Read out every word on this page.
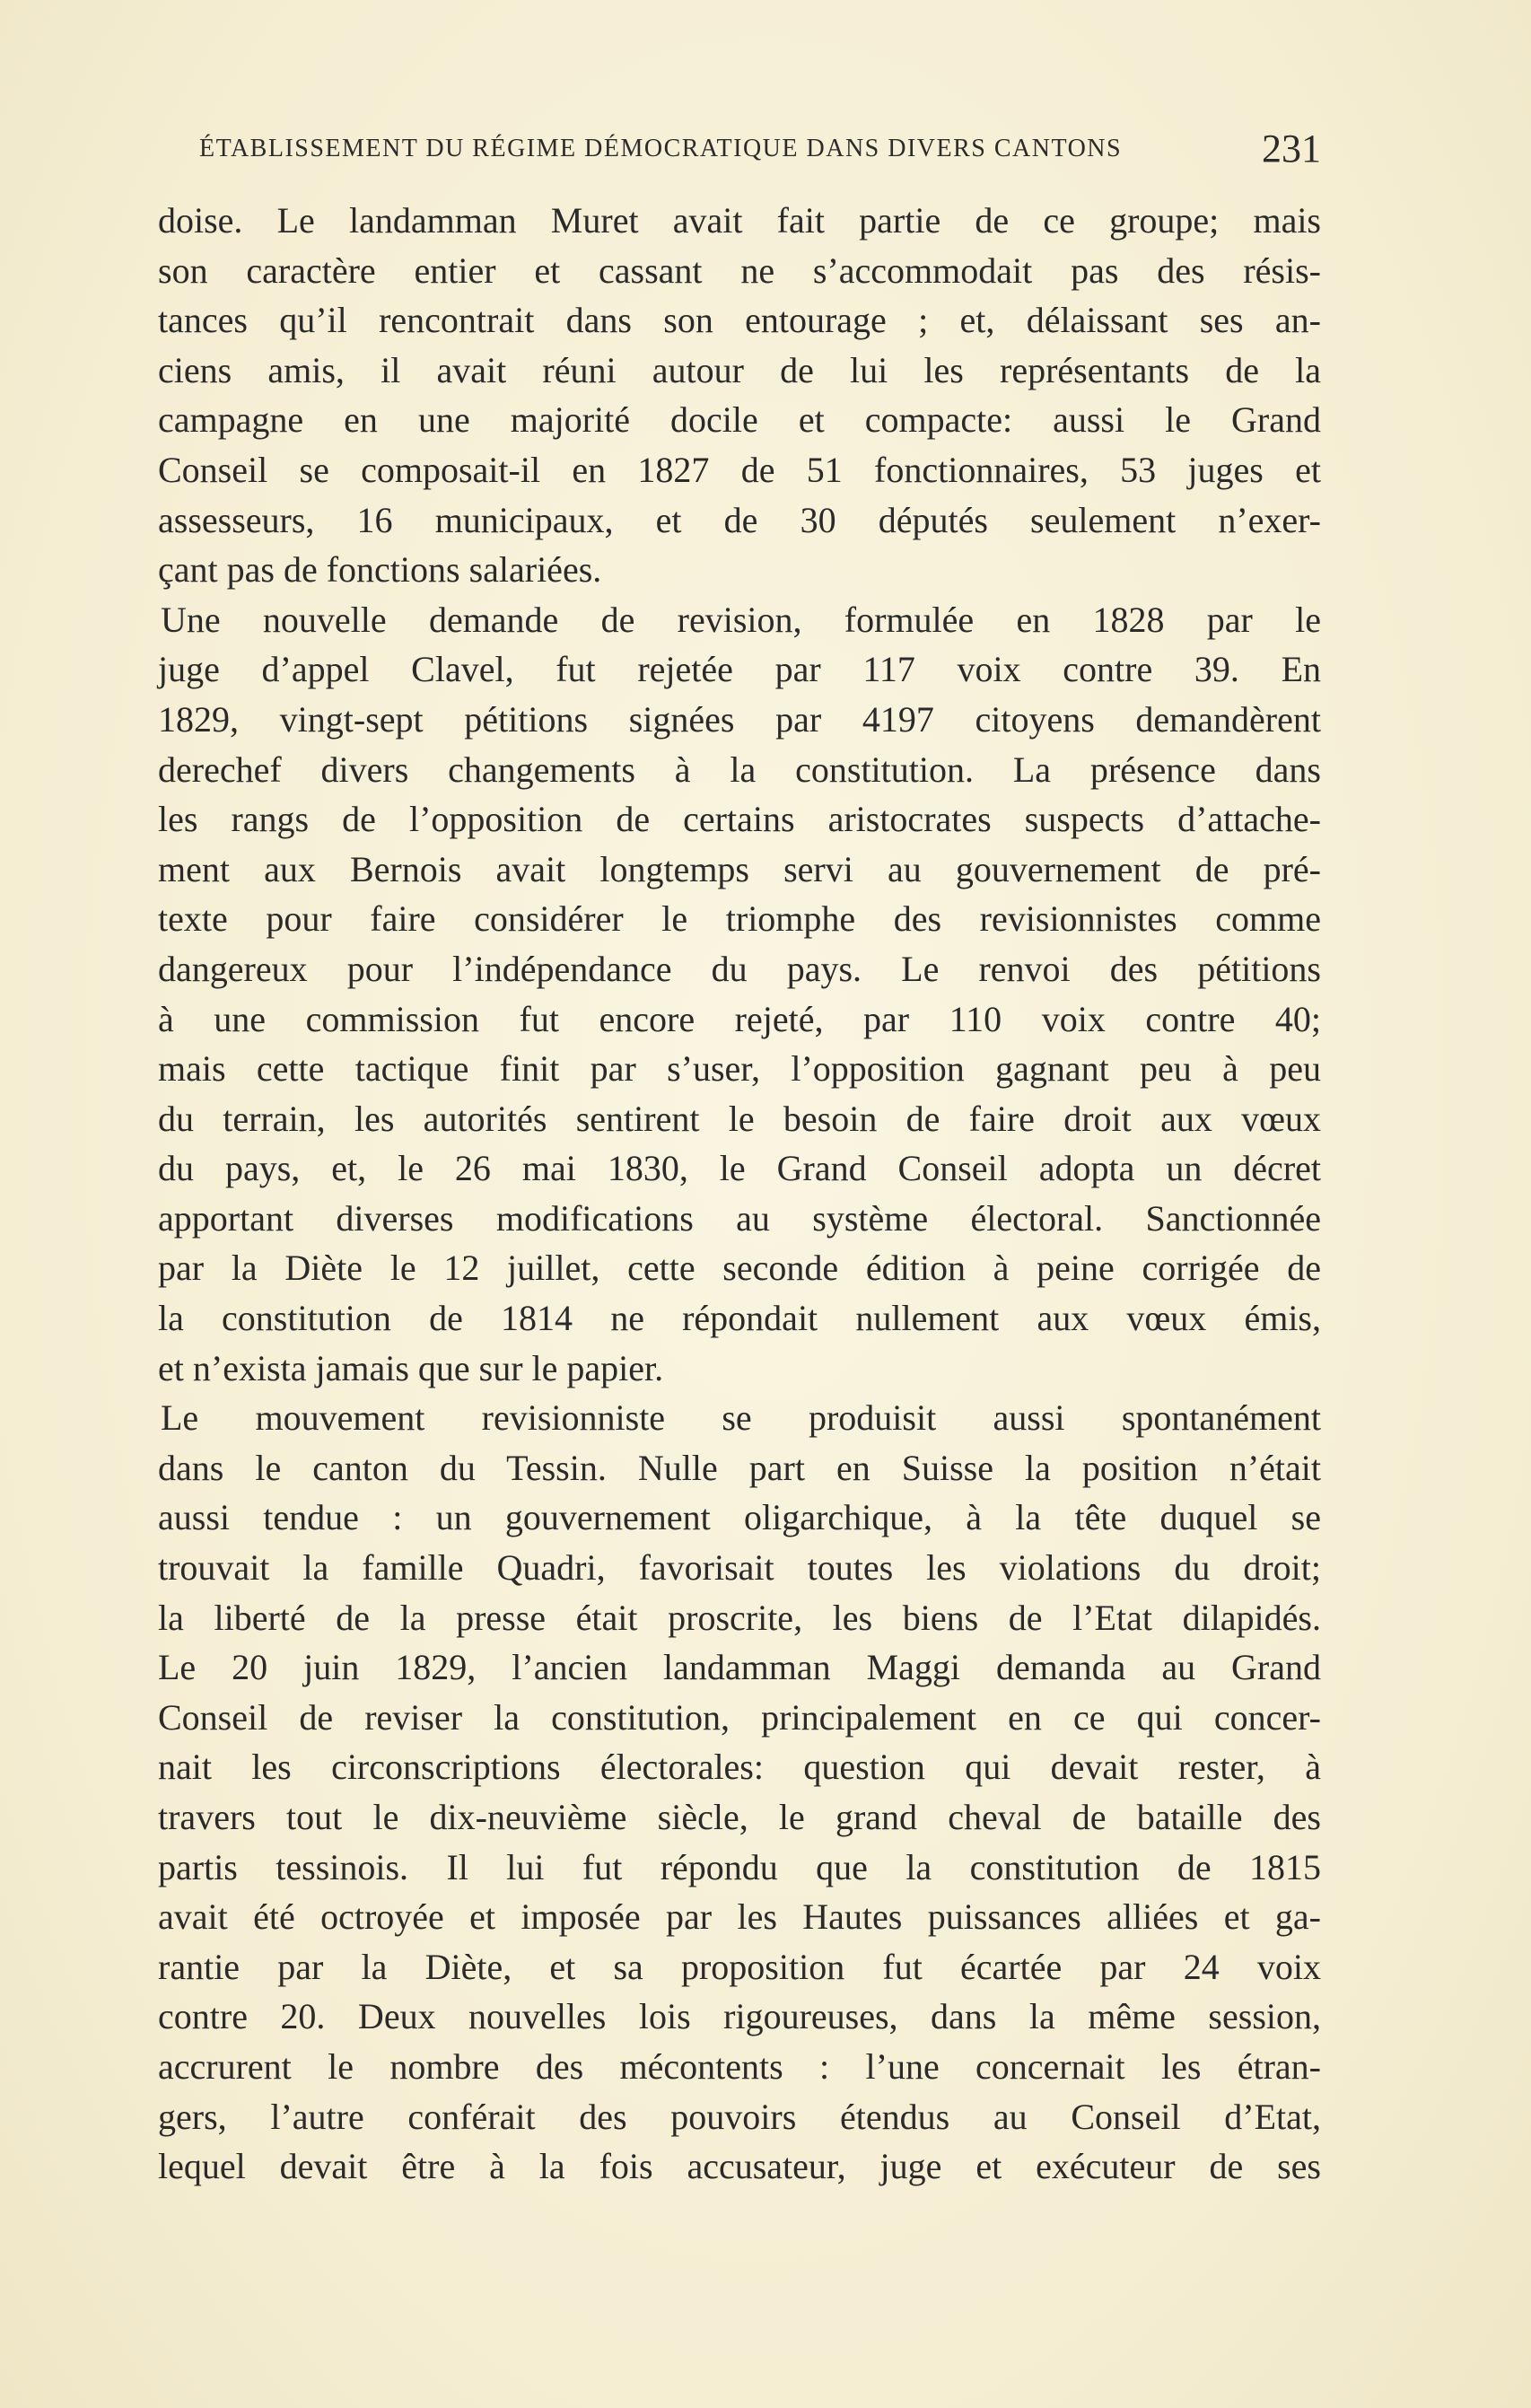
ÉTABLISSEMENT DU RÉGIME DÉMOCRATIQUE DANS DIVERS CANTONS	231
doise. Le landamman Muret avait fait partie de ce groupe; mais
son caractère entier et cassant ne s’accommodait pas des résis-
tances qu’il rencontrait dans son entourage ; et, délaissant ses an-
ciens amis, il avait réuni autour de lui les représentants de la
campagne en une majorité docile et compacte: aussi le Grand
Conseil se composait-il en 1827 de 51 fonctionnaires, 53 juges et
assesseurs, 16 municipaux, et de 30 députés seulement n’exer-
çant pas de fonctions salariées.
Une nouvelle demande de revision, formulée en 1828 par le
juge d’appel Clavel, fut rejetée par 117 voix contre 39. En
1829, vingt-sept pétitions signées par 4197 citoyens demandèrent
derechef divers changements à la constitution. La présence dans
les rangs de l’opposition de certains aristocrates suspects d’attache-
ment aux Bernois avait longtemps servi au gouvernement de pré-
texte pour faire considérer le triomphe des revisionnistes comme
dangereux pour l’indépendance du pays. Le renvoi des pétitions
à une commission fut encore rejeté, par 110 voix contre 40;
mais cette tactique finit par s’user, l’opposition gagnant peu à peu
du terrain, les autorités sentirent le besoin de faire droit aux vœux
du pays, et, le 26 mai 1830, le Grand Conseil adopta un décret
apportant diverses modifications au système électoral. Sanctionnée
par la Diète le 12 juillet, cette seconde édition à peine corrigée de
la constitution de 1814 ne répondait nullement aux vœux émis,
et n’exista jamais que sur le papier.
Le mouvement revisionniste se produisit aussi spontanément
dans le canton du Tessin. Nulle part en Suisse la position n’était
aussi tendue : un gouvernement oligarchique, à la tête duquel se
trouvait la famille Quadri, favorisait toutes les violations du droit;
la liberté de la presse était proscrite, les biens de l’Etat dilapidés.
Le 20 juin 1829, l’ancien landamman Maggi demanda au Grand
Conseil de reviser la constitution, principalement en ce qui concer-
nait les circonscriptions électorales: question qui devait rester, à
travers tout le dix-neuvième siècle, le grand cheval de bataille des
partis tessinois. Il lui fut répondu que la constitution de 1815
avait été octroyée et imposée par les Hautes puissances alliées et ga-
rantie par la Diète, et sa proposition fut écartée par 24 voix
contre 20. Deux nouvelles lois rigoureuses, dans la même session,
accrurent le nombre des mécontents : l’une concernait les étran-
gers, l’autre conférait des pouvoirs étendus au Conseil d’Etat,
lequel devait être à la fois accusateur, juge et exécuteur de ses
